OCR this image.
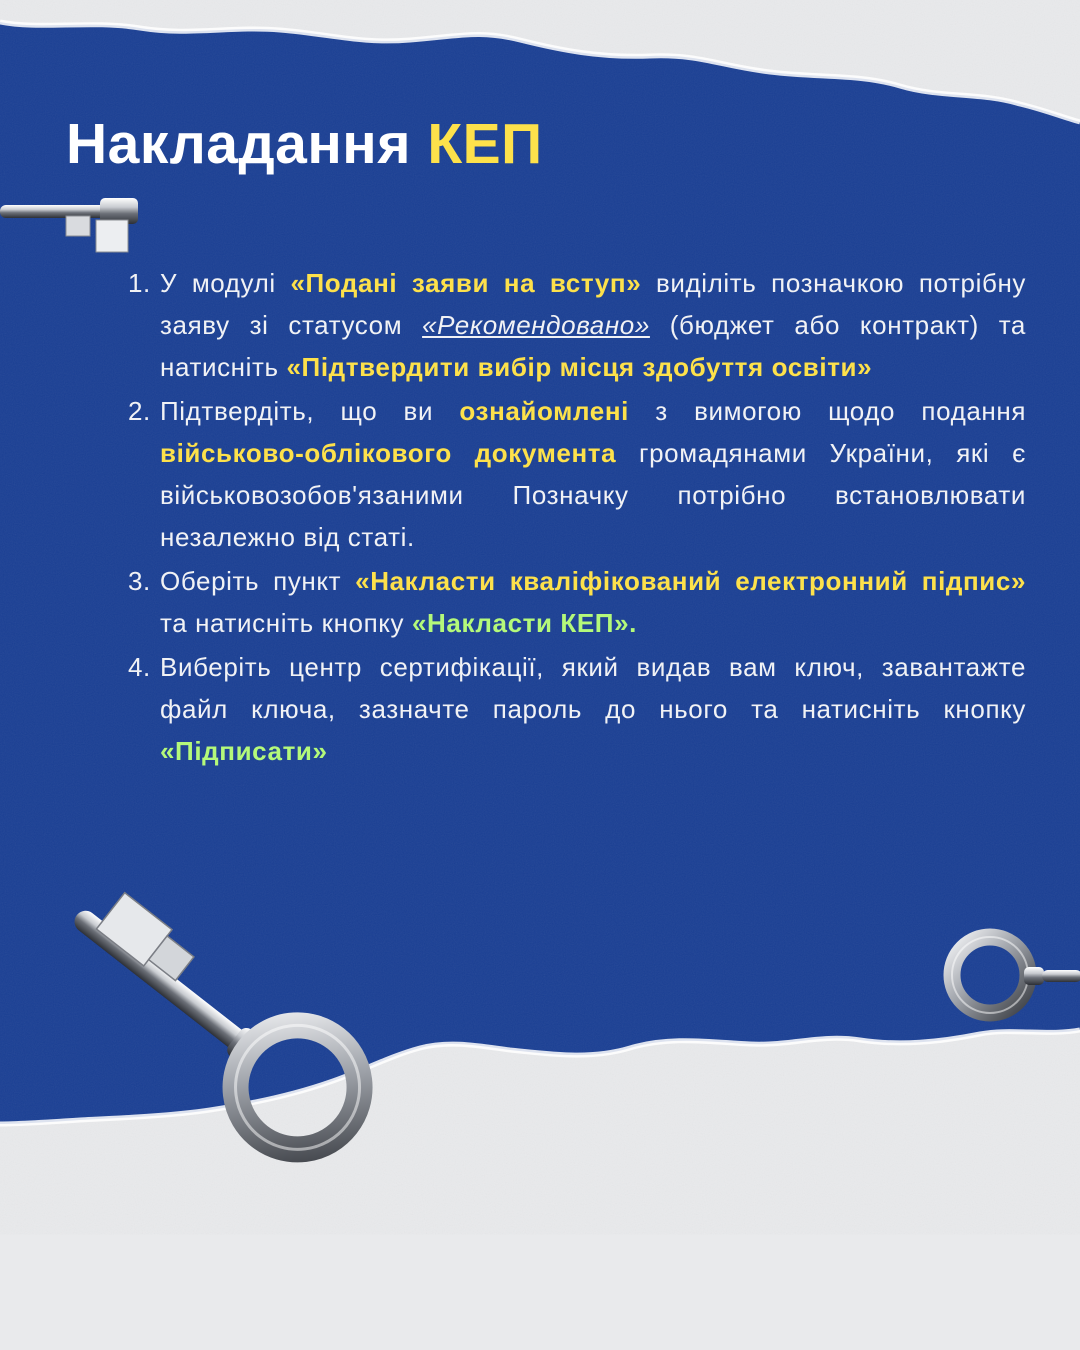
Накладання КЕП
1. У модулі «Подані заяви на вступ» виділіть позначкою потрібну заяву зі статусом «Рекомендовано» (бюджет або контракт) та натисніть «Підтвердити вибір місця здобуття освіти»
2. Підтвердіть, що ви ознайомлені з вимогою щодо подання військово-облікового документа громадянами України, які є військовозобов'язаними Позначку потрібно встановлювати незалежно від статі.
3. Оберіть пункт «Накласти кваліфікований електронний підпис» та натисніть кнопку «Накласти КЕП».
4. Виберіть центр сертифікації, який видав вам ключ, завантажте файл ключа, зазначте пароль до нього та натисніть кнопку «Підписати»
